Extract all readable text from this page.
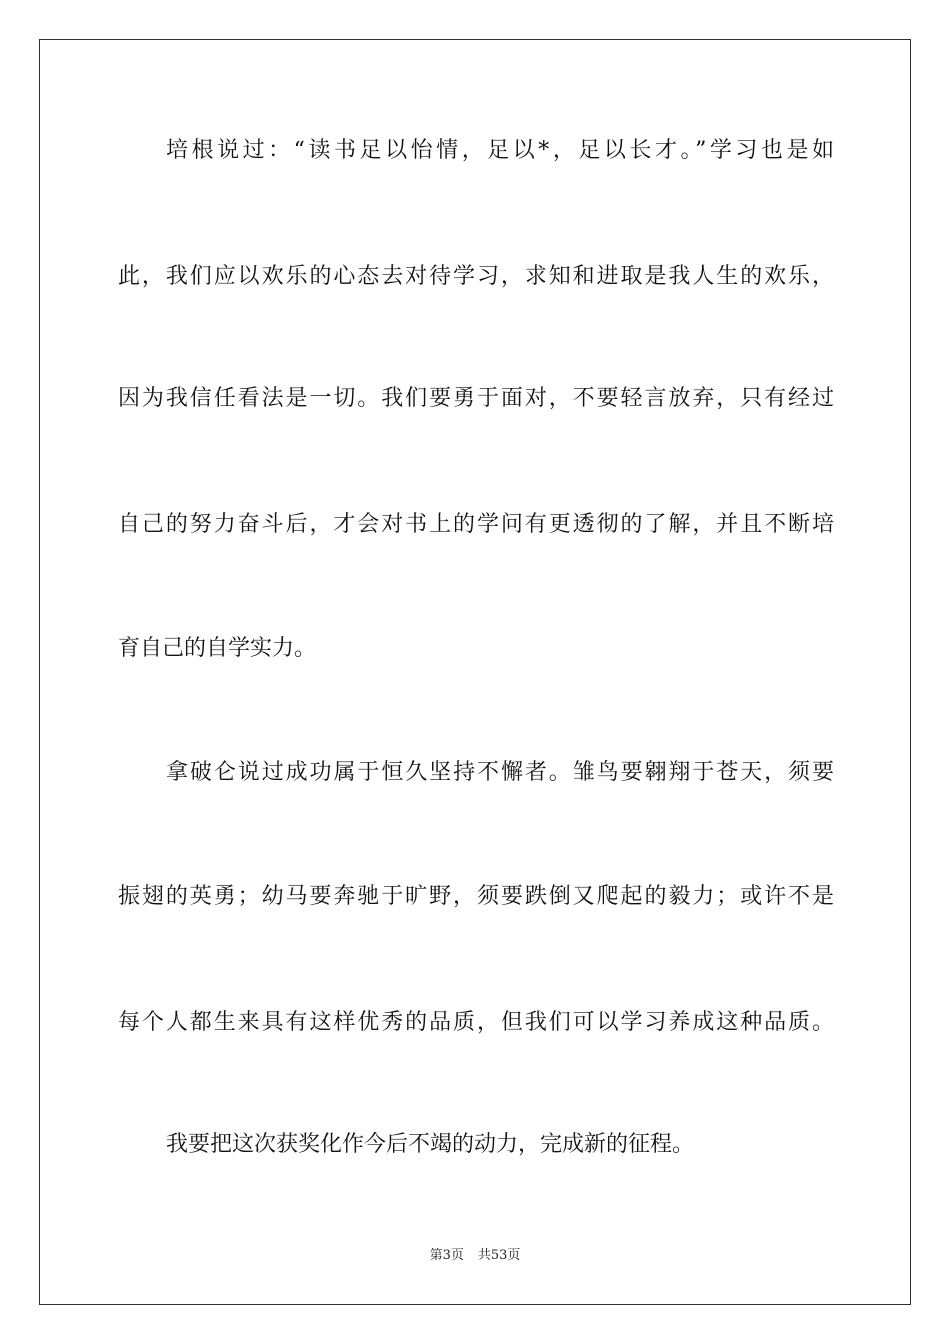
培根说过：“读书足以怡情，足以*，足以长才。”学习也是如
此，我们应以欢乐的心态去对待学习，求知和进取是我人生的欢乐，
因为我信任看法是一切。我们要勇于面对，不要轻言放弃，只有经过
自己的努力奋斗后，才会对书上的学问有更透彻的了解，并且不断培
育自己的自学实力。
拿破仑说过成功属于恒久坚持不懈者。雏鸟要翱翔于苍天，须要
振翅的英勇；幼马要奔驰于旷野，须要跌倒又爬起的毅力；或许不是
每个人都生来具有这样优秀的品质，但我们可以学习养成这种品质。
我要把这次获奖化作今后不竭的动力，完成新的征程。
第3页 共53页
